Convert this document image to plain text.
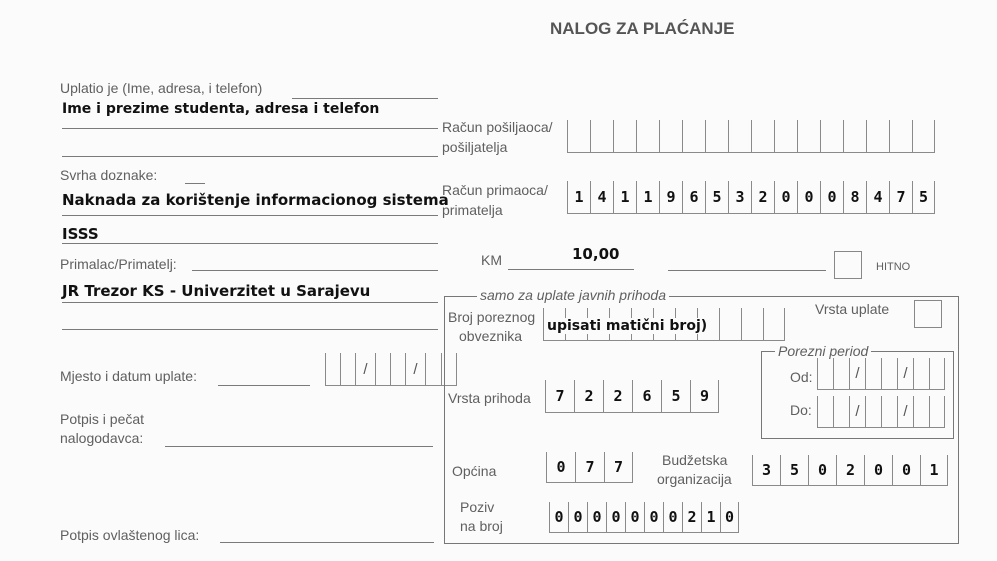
NALOG ZA PLAĆANJE
Uplatio je (Ime, adresa, i telefon)
Ime i prezime studenta, adresa i telefon
Svrha doznake:
Naknada za korištenje informacionog sistema
ISSS
Primalac/Primatelj:
JR Trezor KS - Univerzitet u Sarajevu
Mjesto i datum uplate:	/	/
Potpis i pečat
nalogodavca:
Potpis ovlaštenog lica:
Račun pošiljaoca/
pošiljatelja
Račun primaoca/
primatelja
1 4 1 1 9 6 5 3 2 0 0 0 8 4 7 5
KM	10,00
HITNO
samo za uplate javnih prihoda
Broj poreznog
obveznika
upisati matični broj)
Vrsta uplate
Vrsta prihoda	7	2	2	6	5	9
Porezni period
Od:	/	/
Do:	/	/
Općina	0	7	7	Budžetska
organizacija	3	5	0	2	0	0	1
Poziv
na broj	0 0 0 0 0 0 0 2 1 0
